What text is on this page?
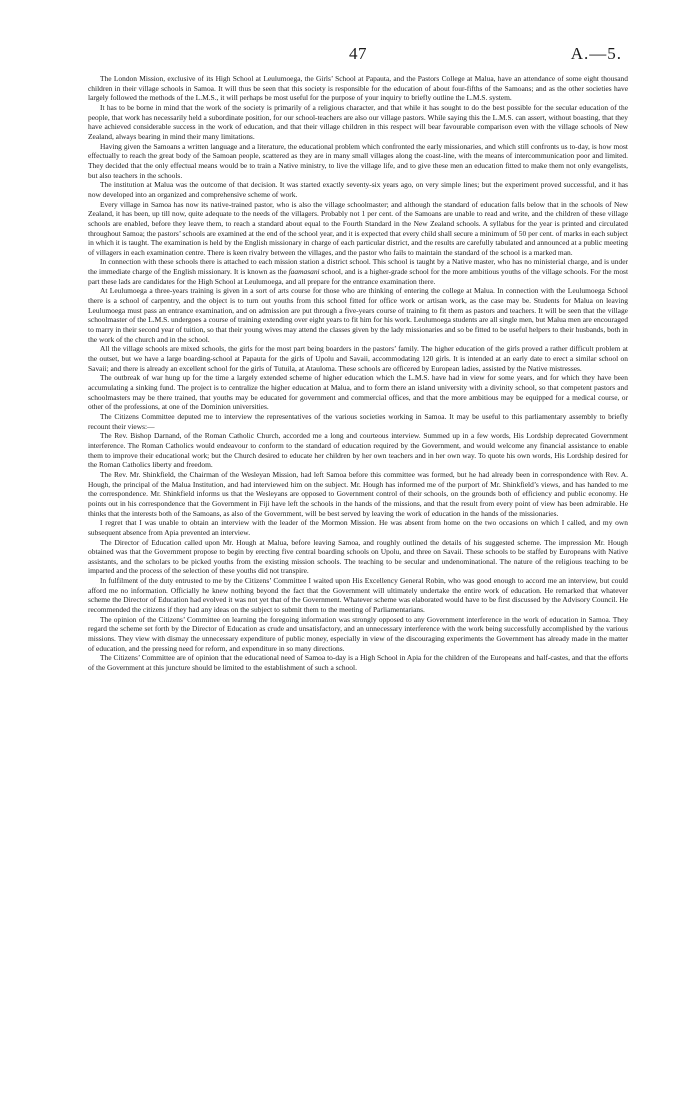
47	A.—5.

The London Mission, exclusive of its High School at Leulumoega, the Girls’ School at Papauta, and the Pastors College at Malua, have an attendance of some eight thousand children in their village schools in Samoa. It will thus be seen that this society is responsible for the education of about four-fifths of the Samoans; and as the other societies have largely followed the methods of the L.M.S., it will perhaps be most useful for the purpose of your inquiry to briefly outline the L.M.S. system.

It has to be borne in mind that the work of the society is primarily of a religious character, and that while it has sought to do the best possible for the secular education of the people, that work has necessarily held a subordinate position, for our school-teachers are also our village pastors. While saying this the L.M.S. can assert, without boasting, that they have achieved considerable success in the work of education, and that their village children in this respect will bear favourable comparison even with the village schools of New Zealand, always bearing in mind their many limitations.

Having given the Samoans a written language and a literature, the educational problem which confronted the early missionaries, and which still confronts us to-day, is how most effectually to reach the great body of the Samoan people, scattered as they are in many small villages along the coast-line, with the means of intercommunication poor and limited. They decided that the only effectual means would be to train a Native ministry, to live the village life, and to give these men an education fitted to make them not only evangelists, but also teachers in the schools.

The institution at Malua was the outcome of that decision. It was started exactly seventy-six years ago, on very simple lines; but the experiment proved successful, and it has now developed into an organized and comprehensive scheme of work.

Every village in Samoa has now its native-trained pastor, who is also the village schoolmaster; and although the standard of education falls below that in the schools of New Zealand, it has been, up till now, quite adequate to the needs of the villagers. Probably not 1 per cent. of the Samoans are unable to read and write, and the children of these village schools are enabled, before they leave them, to reach a standard about equal to the Fourth Standard in the New Zealand schools. A syllabus for the year is printed and circulated throughout Samoa; the pastors’ schools are examined at the end of the school year, and it is expected that every child shall secure a minimum of 50 per cent. of marks in each subject in which it is taught. The examination is held by the English missionary in charge of each particular district, and the results are carefully tabulated and announced at a public meeting of villagers in each examination centre. There is keen rivalry between the villages, and the pastor who fails to maintain the standard of the school is a marked man.

In connection with these schools there is attached to each mission station a district school. This school is taught by a Native master, who has no ministerial charge, and is under the immediate charge of the English missionary. It is known as the faamasani school, and is a higher-grade school for the more ambitious youths of the village schools. For the most part these lads are candidates for the High School at Leulumoega, and all prepare for the entrance examination there.

At Leulumoega a three-years training is given in a sort of arts course for those who are thinking of entering the college at Malua. In connection with the Leulumoega School there is a school of carpentry, and the object is to turn out youths from this school fitted for office work or artisan work, as the case may be. Students for Malua on leaving Leulumoega must pass an entrance examination, and on admission are put through a five-years course of training to fit them as pastors and teachers. It will be seen that the village schoolmaster of the L.M.S. undergoes a course of training extending over eight years to fit him for his work. Leulumoega students are all single men, but Malua men are encouraged to marry in their second year of tuition, so that their young wives may attend the classes given by the lady missionaries and so be fitted to be useful helpers to their husbands, both in the work of the church and in the school.

All the village schools are mixed schools, the girls for the most part being boarders in the pastors’ family. The higher education of the girls proved a rather difficult problem at the outset, but we have a large boarding-school at Papauta for the girls of Upolu and Savaii, accommodating 120 girls. It is intended at an early date to erect a similar school on Savaii; and there is already an excellent school for the girls of Tutuila, at Atauloma. These schools are officered by European ladies, assisted by the Native mistresses.

The outbreak of war hung up for the time a largely extended scheme of higher education which the L.M.S. have had in view for some years, and for which they have been accumulating a sinking fund. The project is to centralize the higher education at Malua, and to form there an island university with a divinity school, so that competent pastors and schoolmasters may be there trained, that youths may be educated for government and commercial offices, and that the more ambitious may be equipped for a medical course, or other of the professions, at one of the Dominion universities.

The Citizens Committee deputed me to interview the representatives of the various societies working in Samoa. It may be useful to this parliamentary assembly to briefly recount their views:—

The Rev. Bishop Darnand, of the Roman Catholic Church, accorded me a long and courteous interview. Summed up in a few words, His Lordship deprecated Government interference. The Roman Catholics would endeavour to conform to the standard of education required by the Government, and would welcome any financial assistance to enable them to improve their educational work; but the Church desired to educate her children by her own teachers and in her own way. To quote his own words, His Lordship desired for the Roman Catholics liberty and freedom.

The Rev. Mr. Shinkfield, the Chairman of the Wesleyan Mission, had left Samoa before this committee was formed, but he had already been in correspondence with Rev. A. Hough, the principal of the Malua Institution, and had interviewed him on the subject. Mr. Hough has informed me of the purport of Mr. Shinkfield’s views, and has handed to me the correspondence. Mr. Shinkfield informs us that the Wesleyans are opposed to Government control of their schools, on the grounds both of efficiency and public economy. He points out in his correspondence that the Government in Fiji have left the schools in the hands of the missions, and that the result from every point of view has been admirable. He thinks that the interests both of the Samoans, as also of the Government, will be best served by leaving the work of education in the hands of the missionaries.

I regret that I was unable to obtain an interview with the leader of the Mormon Mission. He was absent from home on the two occasions on which I called, and my own subsequent absence from Apia prevented an interview.

The Director of Education called upon Mr. Hough at Malua, before leaving Samoa, and roughly outlined the details of his suggested scheme. The impression Mr. Hough obtained was that the Government propose to begin by erecting five central boarding schools on Upolu, and three on Savaii. These schools to be staffed by Europeans with Native assistants, and the scholars to be picked youths from the existing mission schools. The teaching to be secular and undenominational. The nature of the religious teaching to be imparted and the process of the selection of these youths did not transpire.

In fulfilment of the duty entrusted to me by the Citizens’ Committee I waited upon His Excellency General Robin, who was good enough to accord me an interview, but could afford me no information. Officially he knew nothing beyond the fact that the Government will ultimately undertake the entire work of education. He remarked that whatever scheme the Director of Education had evolved it was not yet that of the Government. Whatever scheme was elaborated would have to be first discussed by the Advisory Council. He recommended the citizens if they had any ideas on the subject to submit them to the meeting of Parliamentarians.

The opinion of the Citizens’ Committee on learning the foregoing information was strongly opposed to any Government interference in the work of education in Samoa. They regard the scheme set forth by the Director of Education as crude and unsatisfactory, and an unnecessary interference with the work being successfully accomplished by the various missions. They view with dismay the unnecessary expenditure of public money, especially in view of the discouraging experiments the Government has already made in the matter of education, and the pressing need for reform, and expenditure in so many directions.

The Citizens’ Committee are of opinion that the educational need of Samoa to-day is a High School in Apia for the children of the Europeans and half-castes, and that the efforts of the Government at this juncture should be limited to the establishment of such a school.
